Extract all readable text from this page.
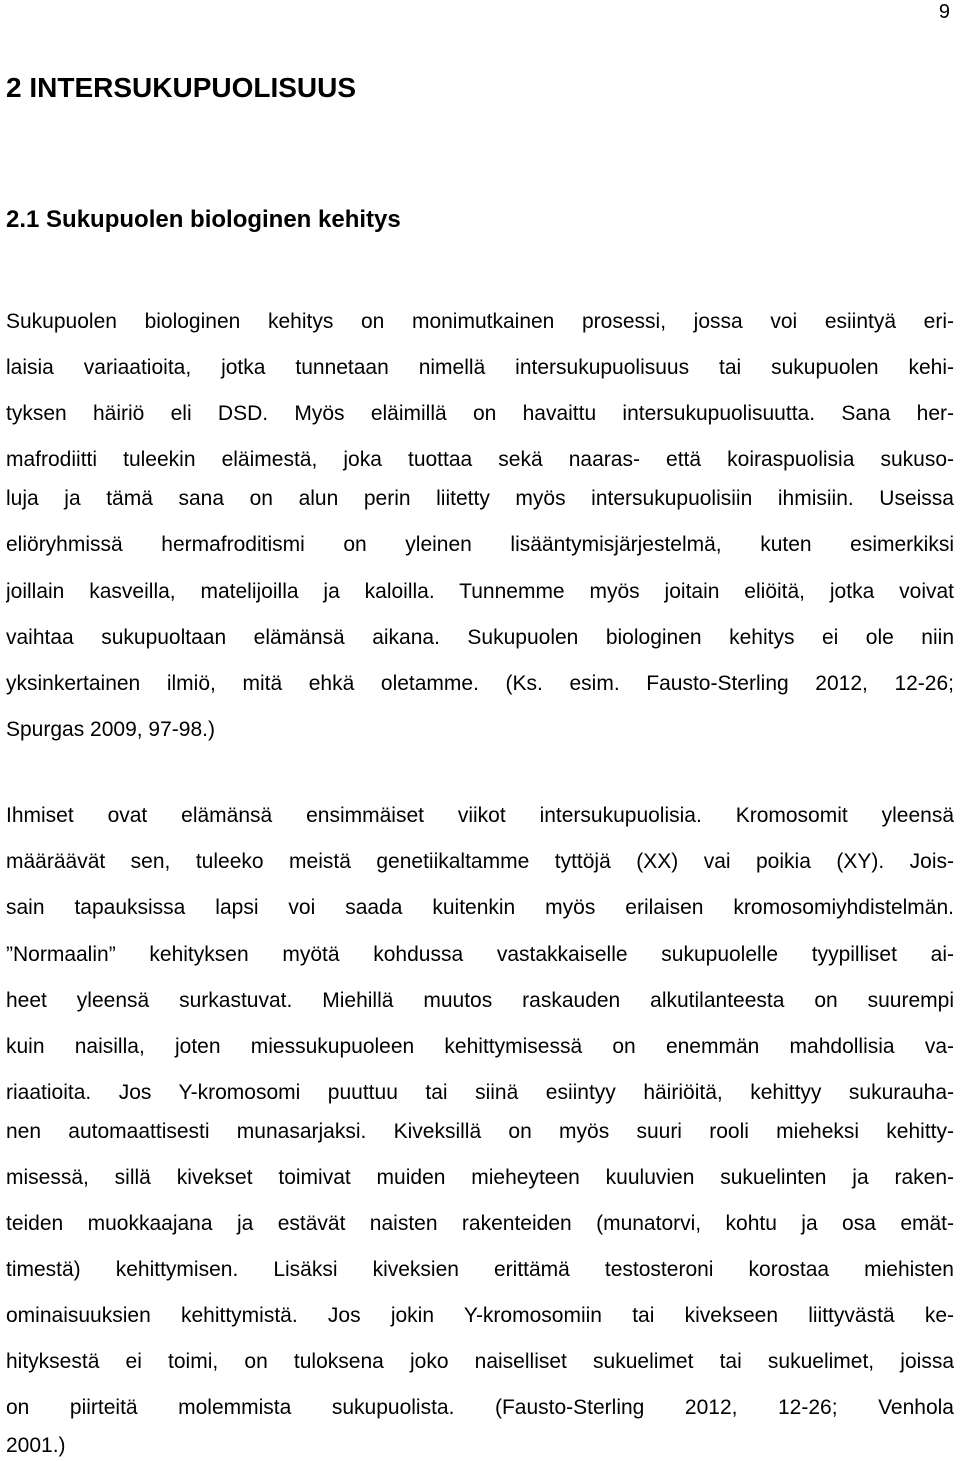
9
2 INTERSUKUPUOLISUUS
2.1 Sukupuolen biologinen kehitys
Sukupuolen biologinen kehitys on monimutkainen prosessi, jossa voi esiintyä eri-
laisia variaatioita, jotka tunnetaan nimellä intersukupuolisuus tai sukupuolen kehi-
tyksen häiriö eli DSD. Myös eläimillä on havaittu intersukupuolisuutta. Sana her-
mafrodiitti tuleekin eläimestä, joka tuottaa sekä naaras- että koiraspuolisia sukuso-
luja ja tämä sana on alun perin liitetty myös intersukupuolisiin ihmisiin. Useissa
eliöryhmissä hermafroditismi on yleinen lisääntymisjärjestelmä, kuten esimerkiksi
joillain kasveilla, matelijoilla ja kaloilla. Tunnemme myös joitain eliöitä, jotka voivat
vaihtaa sukupuoltaan elämänsä aikana. Sukupuolen biologinen kehitys ei ole niin
yksinkertainen ilmiö, mitä ehkä oletamme. (Ks. esim. Fausto-Sterling 2012, 12-26;
Spurgas 2009, 97-98.)
Ihmiset ovat elämänsä ensimmäiset viikot intersukupuolisia. Kromosomit yleensä
määräävät sen, tuleeko meistä genetiikaltamme tyttöjä (XX) vai poikia (XY). Jois-
sain tapauksissa lapsi voi saada kuitenkin myös erilaisen kromosomiyhdistelmän.
”Normaalin” kehityksen myötä kohdussa vastakkaiselle sukupuolelle tyypilliset ai-
heet yleensä surkastuvat. Miehillä muutos raskauden alkutilanteesta on suurempi
kuin naisilla, joten miessukupuoleen kehittymisessä on enemmän mahdollisia va-
riaatioita. Jos Y-kromosomi puuttuu tai siinä esiintyy häiriöitä, kehittyy sukurauha-
nen automaattisesti munasarjaksi. Kiveksillä on myös suuri rooli mieheksi kehitty-
misessä, sillä kivekset toimivat muiden mieheyteen kuuluvien sukuelinten ja raken-
teiden muokkaajana ja estävät naisten rakenteiden (munatorvi, kohtu ja osa emät-
timestä) kehittymisen. Lisäksi kiveksien erittämä testosteroni korostaa miehisten
ominaisuuksien kehittymistä. Jos jokin Y-kromosomiin tai kivekseen liittyvästä ke-
hityksestä ei toimi, on tuloksena joko naiselliset sukuelimet tai sukuelimet, joissa
on piirteitä molemmista sukupuolista. (Fausto-Sterling 2012, 12-26; Venhola
2001.)
